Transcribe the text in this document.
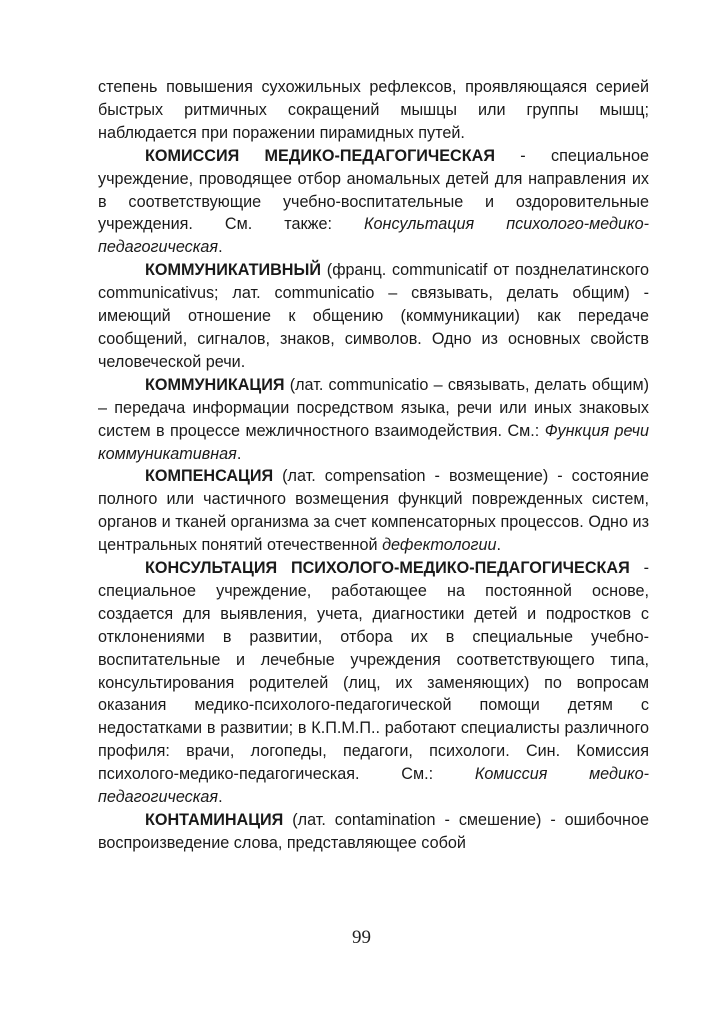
степень повышения сухожильных рефлексов, проявляющаяся серией быстрых ритмичных сокращений мышцы или группы мышц; наблюдается при поражении пирамидных путей.

КОМИССИЯ МЕДИКО-ПЕДАГОГИЧЕСКАЯ - специальное учреждение, проводящее отбор аномальных детей для направления их в соответствующие учебно-воспитательные и оздоровительные учреждения. См. также: Консультация психолого-медико-педагогическая.

КОММУНИКАТИВНЫЙ (франц. communicatif от позднелатинского communicativus; лат. communicatio – связывать, делать общим) - имеющий отношение к общению (коммуникации) как передаче сообщений, сигналов, знаков, символов. Одно из основных свойств человеческой речи.

КОММУНИКАЦИЯ (лат. communicatio – связывать, делать общим) – передача информации посредством языка, речи или иных знаковых систем в процессе межличностного взаимодействия. См.: Функция речи коммуникативная.

КОМПЕНСАЦИЯ (лат. compensation - возмещение) - состояние полного или частичного возмещения функций поврежденных систем, органов и тканей организма за счет компенсаторных процессов. Одно из центральных понятий отечественной дефектологии.

КОНСУЛЬТАЦИЯ ПСИХОЛОГО-МЕДИКО-ПЕДАГОГИЧЕСКАЯ - специальное учреждение, работающее на постоянной основе, создается для выявления, учета, диагностики детей и подростков с отклонениями в развитии, отбора их в специальные учебно-воспитательные и лечебные учреждения соответствующего типа, консультирования родителей (лиц, их заменяющих) по вопросам оказания медико-психолого-педагогической помощи детям с недостатками в развитии; в К.П.М.П.. работают специалисты различного профиля: врачи, логопеды, педагоги, психологи. Син. Комиссия психолого-медико-педагогическая. См.: Комиссия медико-педагогическая.

КОНТАМИНАЦИЯ (лат. contamination - смешение) - ошибочное воспроизведение слова, представляющее собой

99
